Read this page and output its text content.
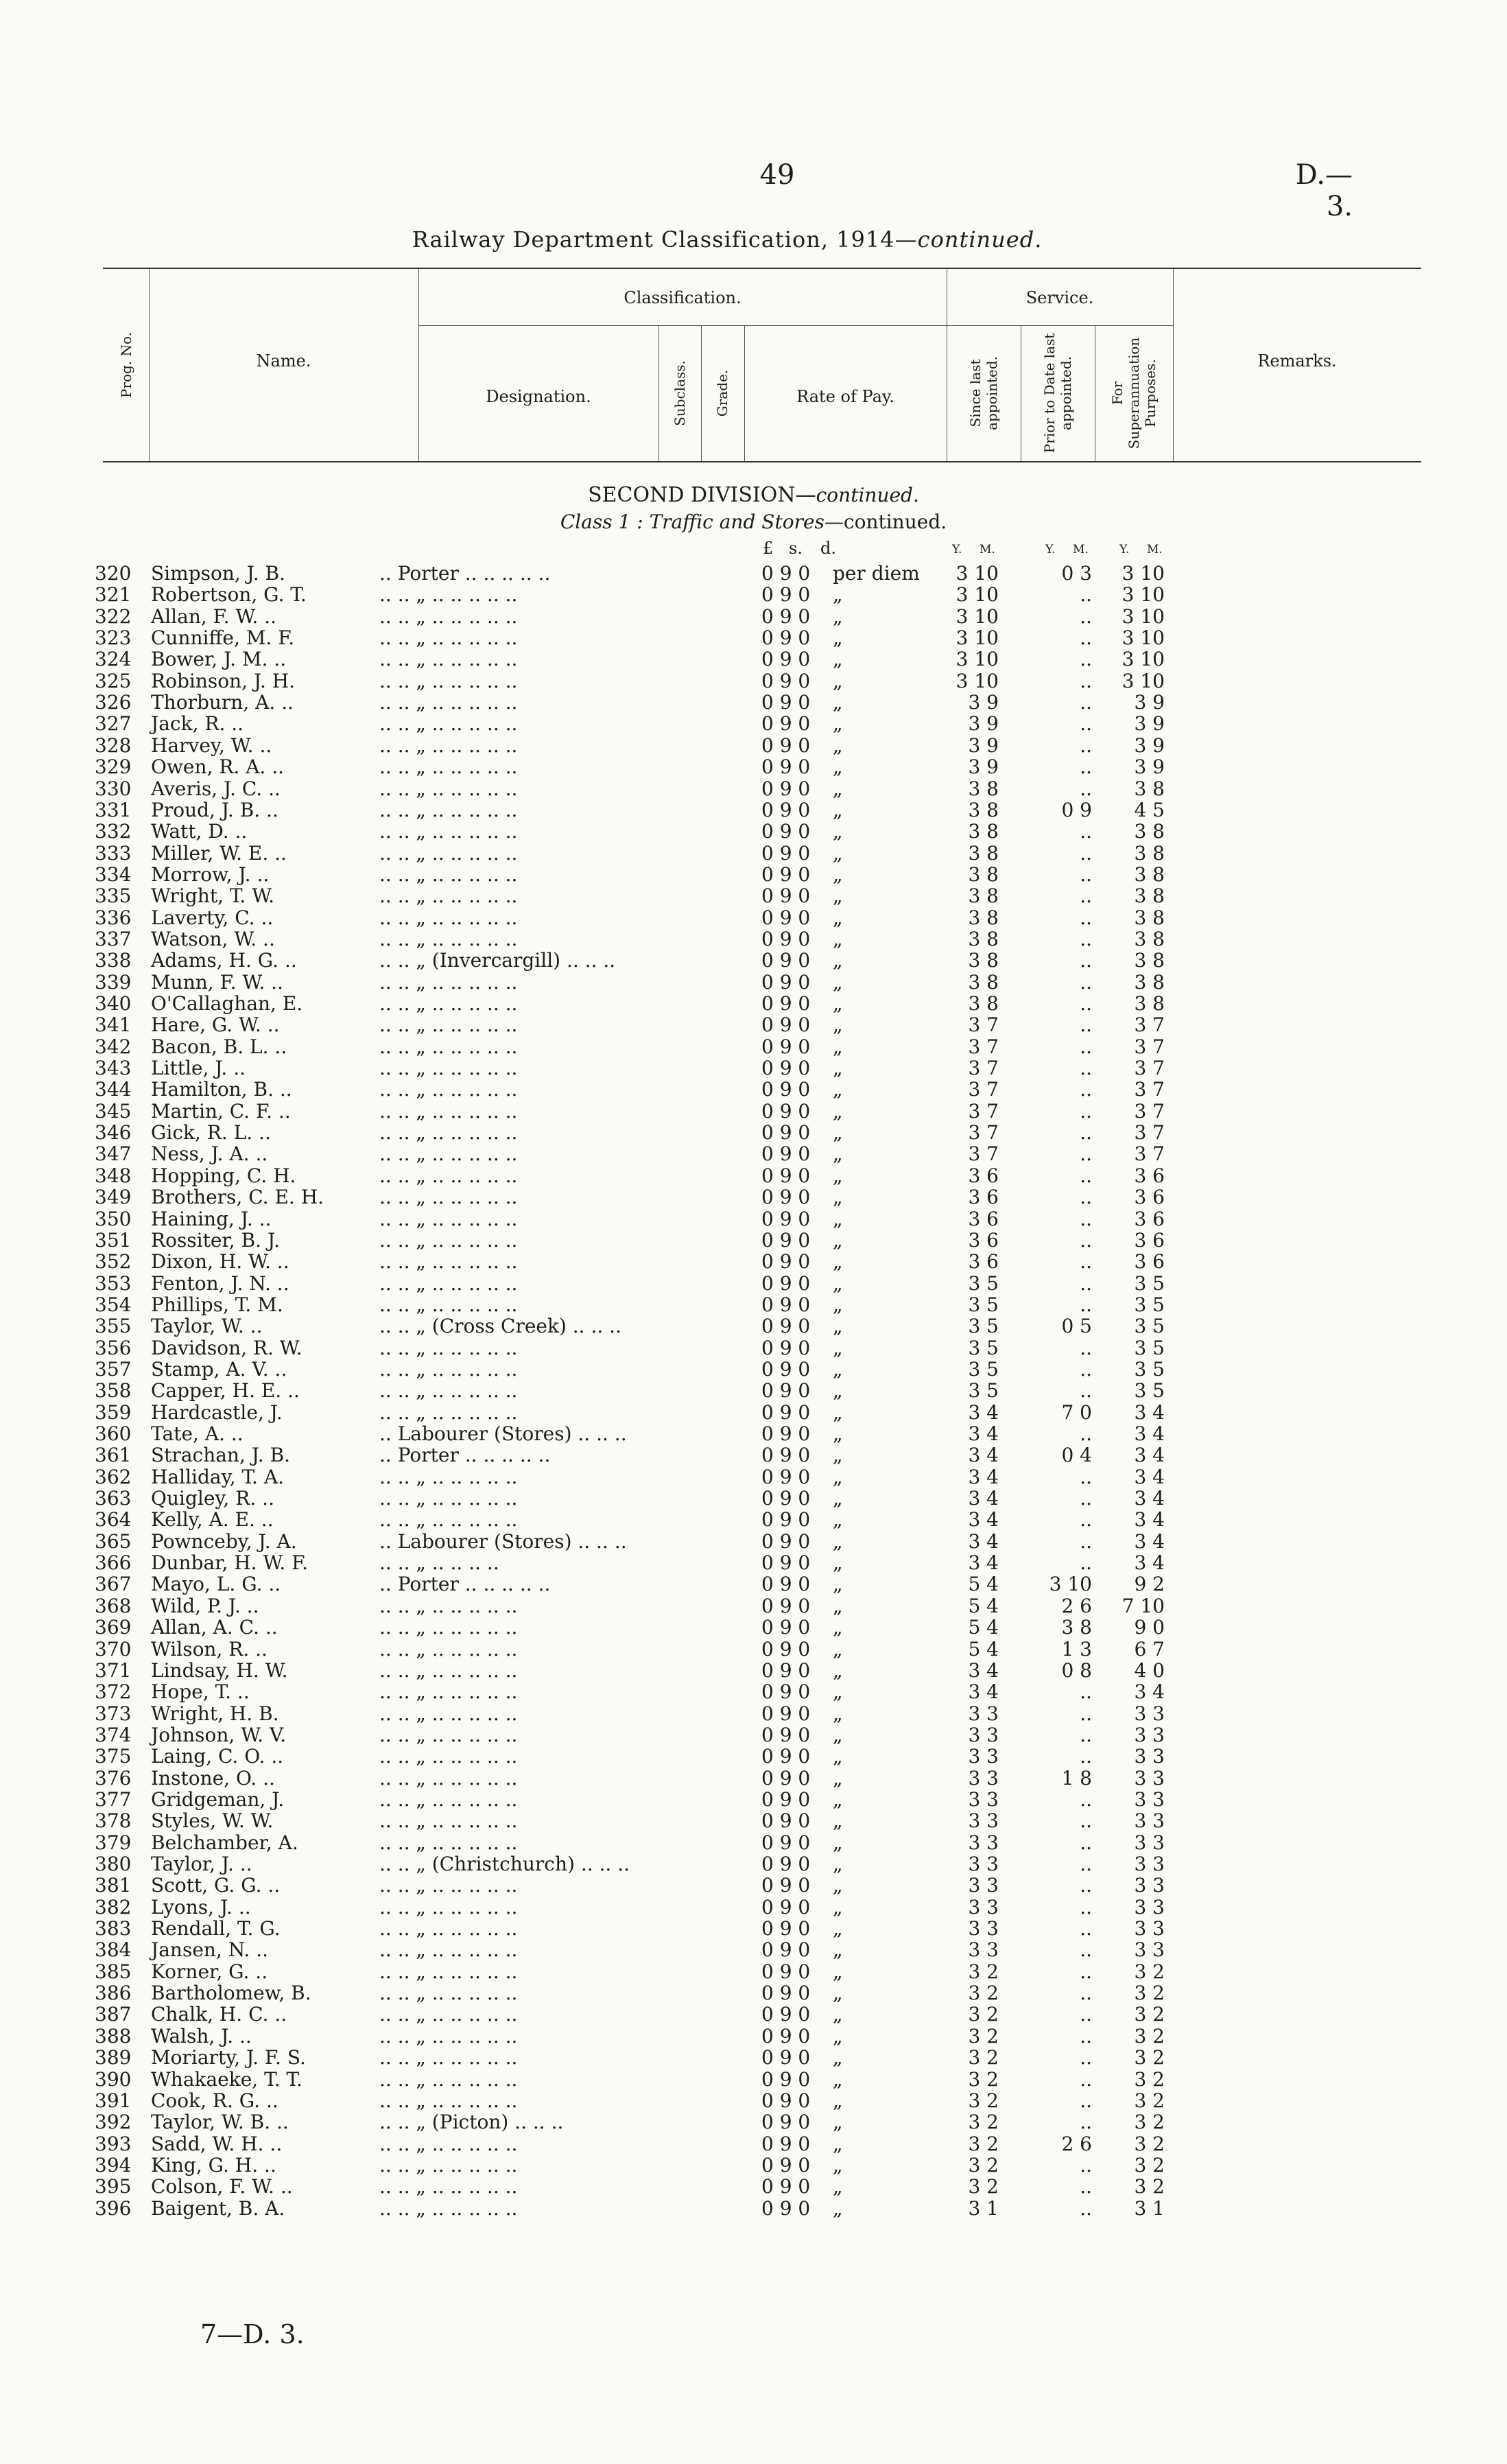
49	D.—3.
Railway Department Classification, 1914—continued.
Prog. No.	Name.
Classification.
Designation.	Subclass. Grade.	Rate of Pay.
Service.
Since last appointed.	Prior to Date last appointed.	For Superannuation Purposes.	Remarks.
SECOND DIVISION—continued.
Class 1 : Traffic and Stores—continued.
£ s. d.	Y. M.	Y. M.	Y. M.
320 Simpson, J. B.	.. Porter .. .. .. .. ..	0 9 0 per diem	3 10	0 3	3 10
321 Robertson, G. T.	.. .. „ .. .. .. .. ..	0 9 0 „	3 10	..	3 10
322 Allan, F. W. ..	.. .. „ .. .. .. .. ..	0 9 0 „	3 10	..	3 10
323 Cunniffe, M. F.	.. .. „ .. .. .. .. ..	0 9 0 „	3 10	..	3 10
324 Bower, J. M. ..	.. .. „ .. .. .. .. ..	0 9 0 „	3 10	..	3 10
325 Robinson, J. H.	.. .. „ .. .. .. .. ..	0 9 0 „	3 10	..	3 10
326 Thorburn, A. ..	.. .. „ .. .. .. .. ..	0 9 0 „	3 9	..	3 9
327 Jack, R. ..	.. .. „ .. .. .. .. ..	0 9 0 „	3 9	..	3 9
328 Harvey, W. ..	.. .. „ .. .. .. .. ..	0 9 0 „	3 9	..	3 9
329 Owen, R. A. ..	.. .. „ .. .. .. .. ..	0 9 0 „	3 9	..	3 9
330 Averis, J. C. ..	.. .. „ .. .. .. .. ..	0 9 0 „	3 8	..	3 8
331 Proud, J. B. ..	.. .. „ .. .. .. .. ..	0 9 0 „	3 8	0 9	4 5
332 Watt, D. ..	.. .. „ .. .. .. .. ..	0 9 0 „	3 8	..	3 8
333 Miller, W. E. ..	.. .. „ .. .. .. .. ..	0 9 0 „	3 8	..	3 8
334 Morrow, J. ..	.. .. „ .. .. .. .. ..	0 9 0 „	3 8	..	3 8
335 Wright, T. W.	.. .. „ .. .. .. .. ..	0 9 0 „	3 8	..	3 8
336 Laverty, C. ..	.. .. „ .. .. .. .. ..	0 9 0 „	3 8	..	3 8
337 Watson, W. ..	.. .. „ .. .. .. .. ..	0 9 0 „	3 8	..	3 8
338 Adams, H. G. ..	.. .. „ (Invercargill) .. .. ..	0 9 0 „	3 8	..	3 8
339 Munn, F. W. ..	.. .. „ .. .. .. .. ..	0 9 0 „	3 8	..	3 8
340 O'Callaghan, E.	.. .. „ .. .. .. .. ..	0 9 0 „	3 8	..	3 8
341 Hare, G. W. ..	.. .. „ .. .. .. .. ..	0 9 0 „	3 7	..	3 7
342 Bacon, B. L. ..	.. .. „ .. .. .. .. ..	0 9 0 „	3 7	..	3 7
343 Little, J. ..	.. .. „ .. .. .. .. ..	0 9 0 „	3 7	..	3 7
344 Hamilton, B. ..	.. .. „ .. .. .. .. ..	0 9 0 „	3 7	..	3 7
345 Martin, C. F. ..	.. .. „ .. .. .. .. ..	0 9 0 „	3 7	..	3 7
346 Gick, R. L. ..	.. .. „ .. .. .. .. ..	0 9 0 „	3 7	..	3 7
347 Ness, J. A. ..	.. .. „ .. .. .. .. ..	0 9 0 „	3 7	..	3 7
348 Hopping, C. H.	.. .. „ .. .. .. .. ..	0 9 0 „	3 6	..	3 6
349 Brothers, C. E. H.	.. .. „ .. .. .. .. ..	0 9 0 „	3 6	..	3 6
350 Haining, J. ..	.. .. „ .. .. .. .. ..	0 9 0 „	3 6	..	3 6
351 Rossiter, B. J.	.. .. „ .. .. .. .. ..	0 9 0 „	3 6	..	3 6
352 Dixon, H. W. ..	.. .. „ .. .. .. .. ..	0 9 0 „	3 6	..	3 6
353 Fenton, J. N. ..	.. .. „ .. .. .. .. ..	0 9 0 „	3 5	..	3 5
354 Phillips, T. M.	.. .. „ .. .. .. .. ..	0 9 0 „	3 5	..	3 5
355 Taylor, W. ..	.. .. „ (Cross Creek) .. .. ..	0 9 0 „	3 5	0 5	3 5
356 Davidson, R. W.	.. .. „ .. .. .. .. ..	0 9 0 „	3 5	..	3 5
357 Stamp, A. V. ..	.. .. „ .. .. .. .. ..	0 9 0 „	3 5	..	3 5
358 Capper, H. E. ..	.. .. „ .. .. .. .. ..	0 9 0 „	3 5	..	3 5
359 Hardcastle, J.	.. .. „ .. .. .. .. ..	0 9 0 „	3 4	7 0	3 4
360 Tate, A. ..	.. Labourer (Stores) .. .. ..	0 9 0 „	3 4	..	3 4
361 Strachan, J. B.	.. Porter .. .. .. .. ..	0 9 0 „	3 4	0 4	3 4
362 Halliday, T. A.	.. .. „ .. .. .. .. ..	0 9 0 „	3 4	..	3 4
363 Quigley, R. ..	.. .. „ .. .. .. .. ..	0 9 0 „	3 4	..	3 4
364 Kelly, A. E. ..	.. .. „ .. .. .. .. ..	0 9 0 „	3 4	..	3 4
365 Pownceby, J. A.	.. Labourer (Stores) .. .. ..	0 9 0 „	3 4	..	3 4
366 Dunbar, H. W. F.	.. .. „ .. .. .. ..	0 9 0 „	3 4	..	3 4
367 Mayo, L. G. ..	.. Porter .. .. .. .. ..	0 9 0 „	5 4	3 10	9 2
368 Wild, P. J. ..	.. .. „ .. .. .. .. ..	0 9 0 „	5 4	2 6	7 10
369 Allan, A. C. ..	.. .. „ .. .. .. .. ..	0 9 0 „	5 4	3 8	9 0
370 Wilson, R. ..	.. .. „ .. .. .. .. ..	0 9 0 „	5 4	1 3	6 7
371 Lindsay, H. W.	.. .. „ .. .. .. .. ..	0 9 0 „	3 4	0 8	4 0
372 Hope, T. ..	.. .. „ .. .. .. .. ..	0 9 0 „	3 4	..	3 4
373 Wright, H. B.	.. .. „ .. .. .. .. ..	0 9 0 „	3 3	..	3 3
374 Johnson, W. V.	.. .. „ .. .. .. .. ..	0 9 0 „	3 3	..	3 3
375 Laing, C. O. ..	.. .. „ .. .. .. .. ..	0 9 0 „	3 3	..	3 3
376 Instone, O. ..	.. .. „ .. .. .. .. ..	0 9 0 „	3 3	1 8	3 3
377 Gridgeman, J.	.. .. „ .. .. .. .. ..	0 9 0 „	3 3	..	3 3
378 Styles, W. W.	.. .. „ .. .. .. .. ..	0 9 0 „	3 3	..	3 3
379 Belchamber, A.	.. .. „ .. .. .. .. ..	0 9 0 „	3 3	..	3 3
380 Taylor, J. ..	.. .. „ (Christchurch) .. .. ..	0 9 0 „	3 3	..	3 3
381 Scott, G. G. ..	.. .. „ .. .. .. .. ..	0 9 0 „	3 3	..	3 3
382 Lyons, J. ..	.. .. „ .. .. .. .. ..	0 9 0 „	3 3	..	3 3
383 Rendall, T. G.	.. .. „ .. .. .. .. ..	0 9 0 „	3 3	..	3 3
384 Jansen, N. ..	.. .. „ .. .. .. .. ..	0 9 0 „	3 3	..	3 3
385 Korner, G. ..	.. .. „ .. .. .. .. ..	0 9 0 „	3 2	..	3 2
386 Bartholomew, B.	.. .. „ .. .. .. .. ..	0 9 0 „	3 2	..	3 2
387 Chalk, H. C. ..	.. .. „ .. .. .. .. ..	0 9 0 „	3 2	..	3 2
388 Walsh, J. ..	.. .. „ .. .. .. .. ..	0 9 0 „	3 2	..	3 2
389 Moriarty, J. F. S.	.. .. „ .. .. .. .. ..	0 9 0 „	3 2	..	3 2
390 Whakaeke, T. T.	.. .. „ .. .. .. .. ..	0 9 0 „	3 2	..	3 2
391 Cook, R. G. ..	.. .. „ .. .. .. .. ..	0 9 0 „	3 2	..	3 2
392 Taylor, W. B. ..	.. .. „ (Picton) .. .. ..	0 9 0 „	3 2	..	3 2
393 Sadd, W. H. ..	.. .. „ .. .. .. .. ..	0 9 0 „	3 2	2 6	3 2
394 King, G. H. ..	.. .. „ .. .. .. .. ..	0 9 0 „	3 2	..	3 2
395 Colson, F. W. ..	.. .. „ .. .. .. .. ..	0 9 0 „	3 2	..	3 2
396 Baigent, B. A.	.. .. „ .. .. .. .. ..	0 9 0 „	3 1	..	3 1
7—D. 3.
